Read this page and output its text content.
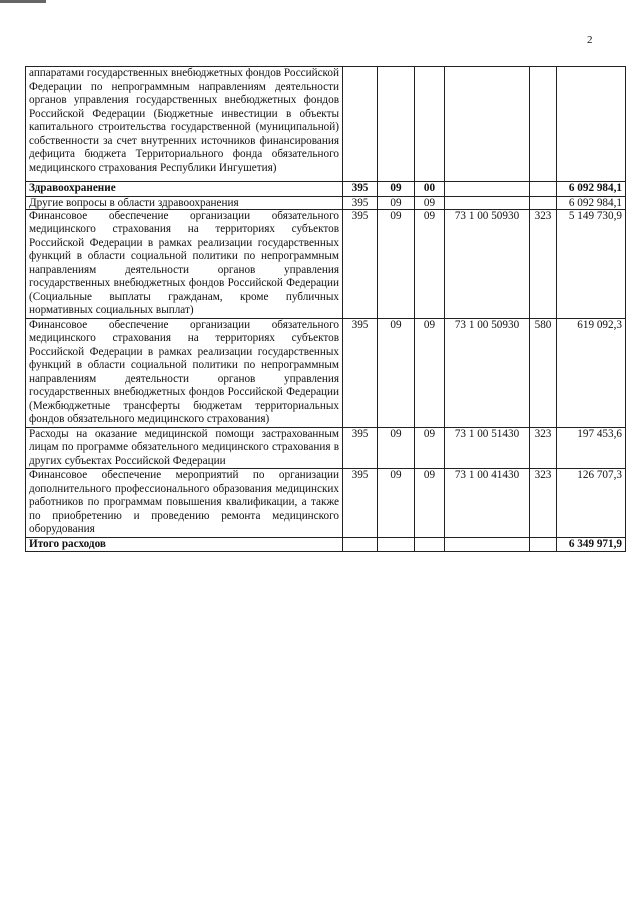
2
аппаратами государственных внебюджетных фондов Российской Федерации по непрограммным направлениям деятельности органов управления государственных внебюджетных фондов Российской Федерации (Бюджетные инвестиции в объекты капитального строительства государственной (муниципальной) собственности за счет внутренних источников финансирования дефицита бюджета Территориального фонда обязательного медицинского страхования Республики Ингушетия)						
Здравоохранение	395	09	00			6 092 984,1
Другие вопросы в области здравоохранения	395	09	09			6 092 984,1
Финансовое обеспечение организации обязательного медицинского страхования на территориях субъектов Российской Федерации в рамках реализации государственных функций в области социальной политики по непрограммным направлениям деятельности органов управления государственных внебюджетных фондов Российской Федерации (Социальные выплаты гражданам, кроме публичных нормативных социальных выплат)	395	09	09	73 1 00 50930	323	5 149 730,9
Финансовое обеспечение организации обязательного медицинского страхования на территориях субъектов Российской Федерации в рамках реализации государственных функций в области социальной политики по непрограммным направлениям деятельности органов управления государственных внебюджетных фондов Российской Федерации (Межбюджетные трансферты бюджетам территориальных фондов обязательного медицинского страхования)	395	09	09	73 1 00 50930	580	619 092,3
Расходы на оказание медицинской помощи застрахованным лицам по программе обязательного медицинского страхования в других субъектах Российской Федерации	395	09	09	73 1 00 51430	323	197 453,6
Финансовое обеспечение мероприятий по организации дополнительного профессионального образования медицинских работников по программам повышения квалификации, а также по приобретению и проведению ремонта медицинского оборудования	395	09	09	73 1 00 41430	323	126 707,3
Итого расходов						6 349 971,9
